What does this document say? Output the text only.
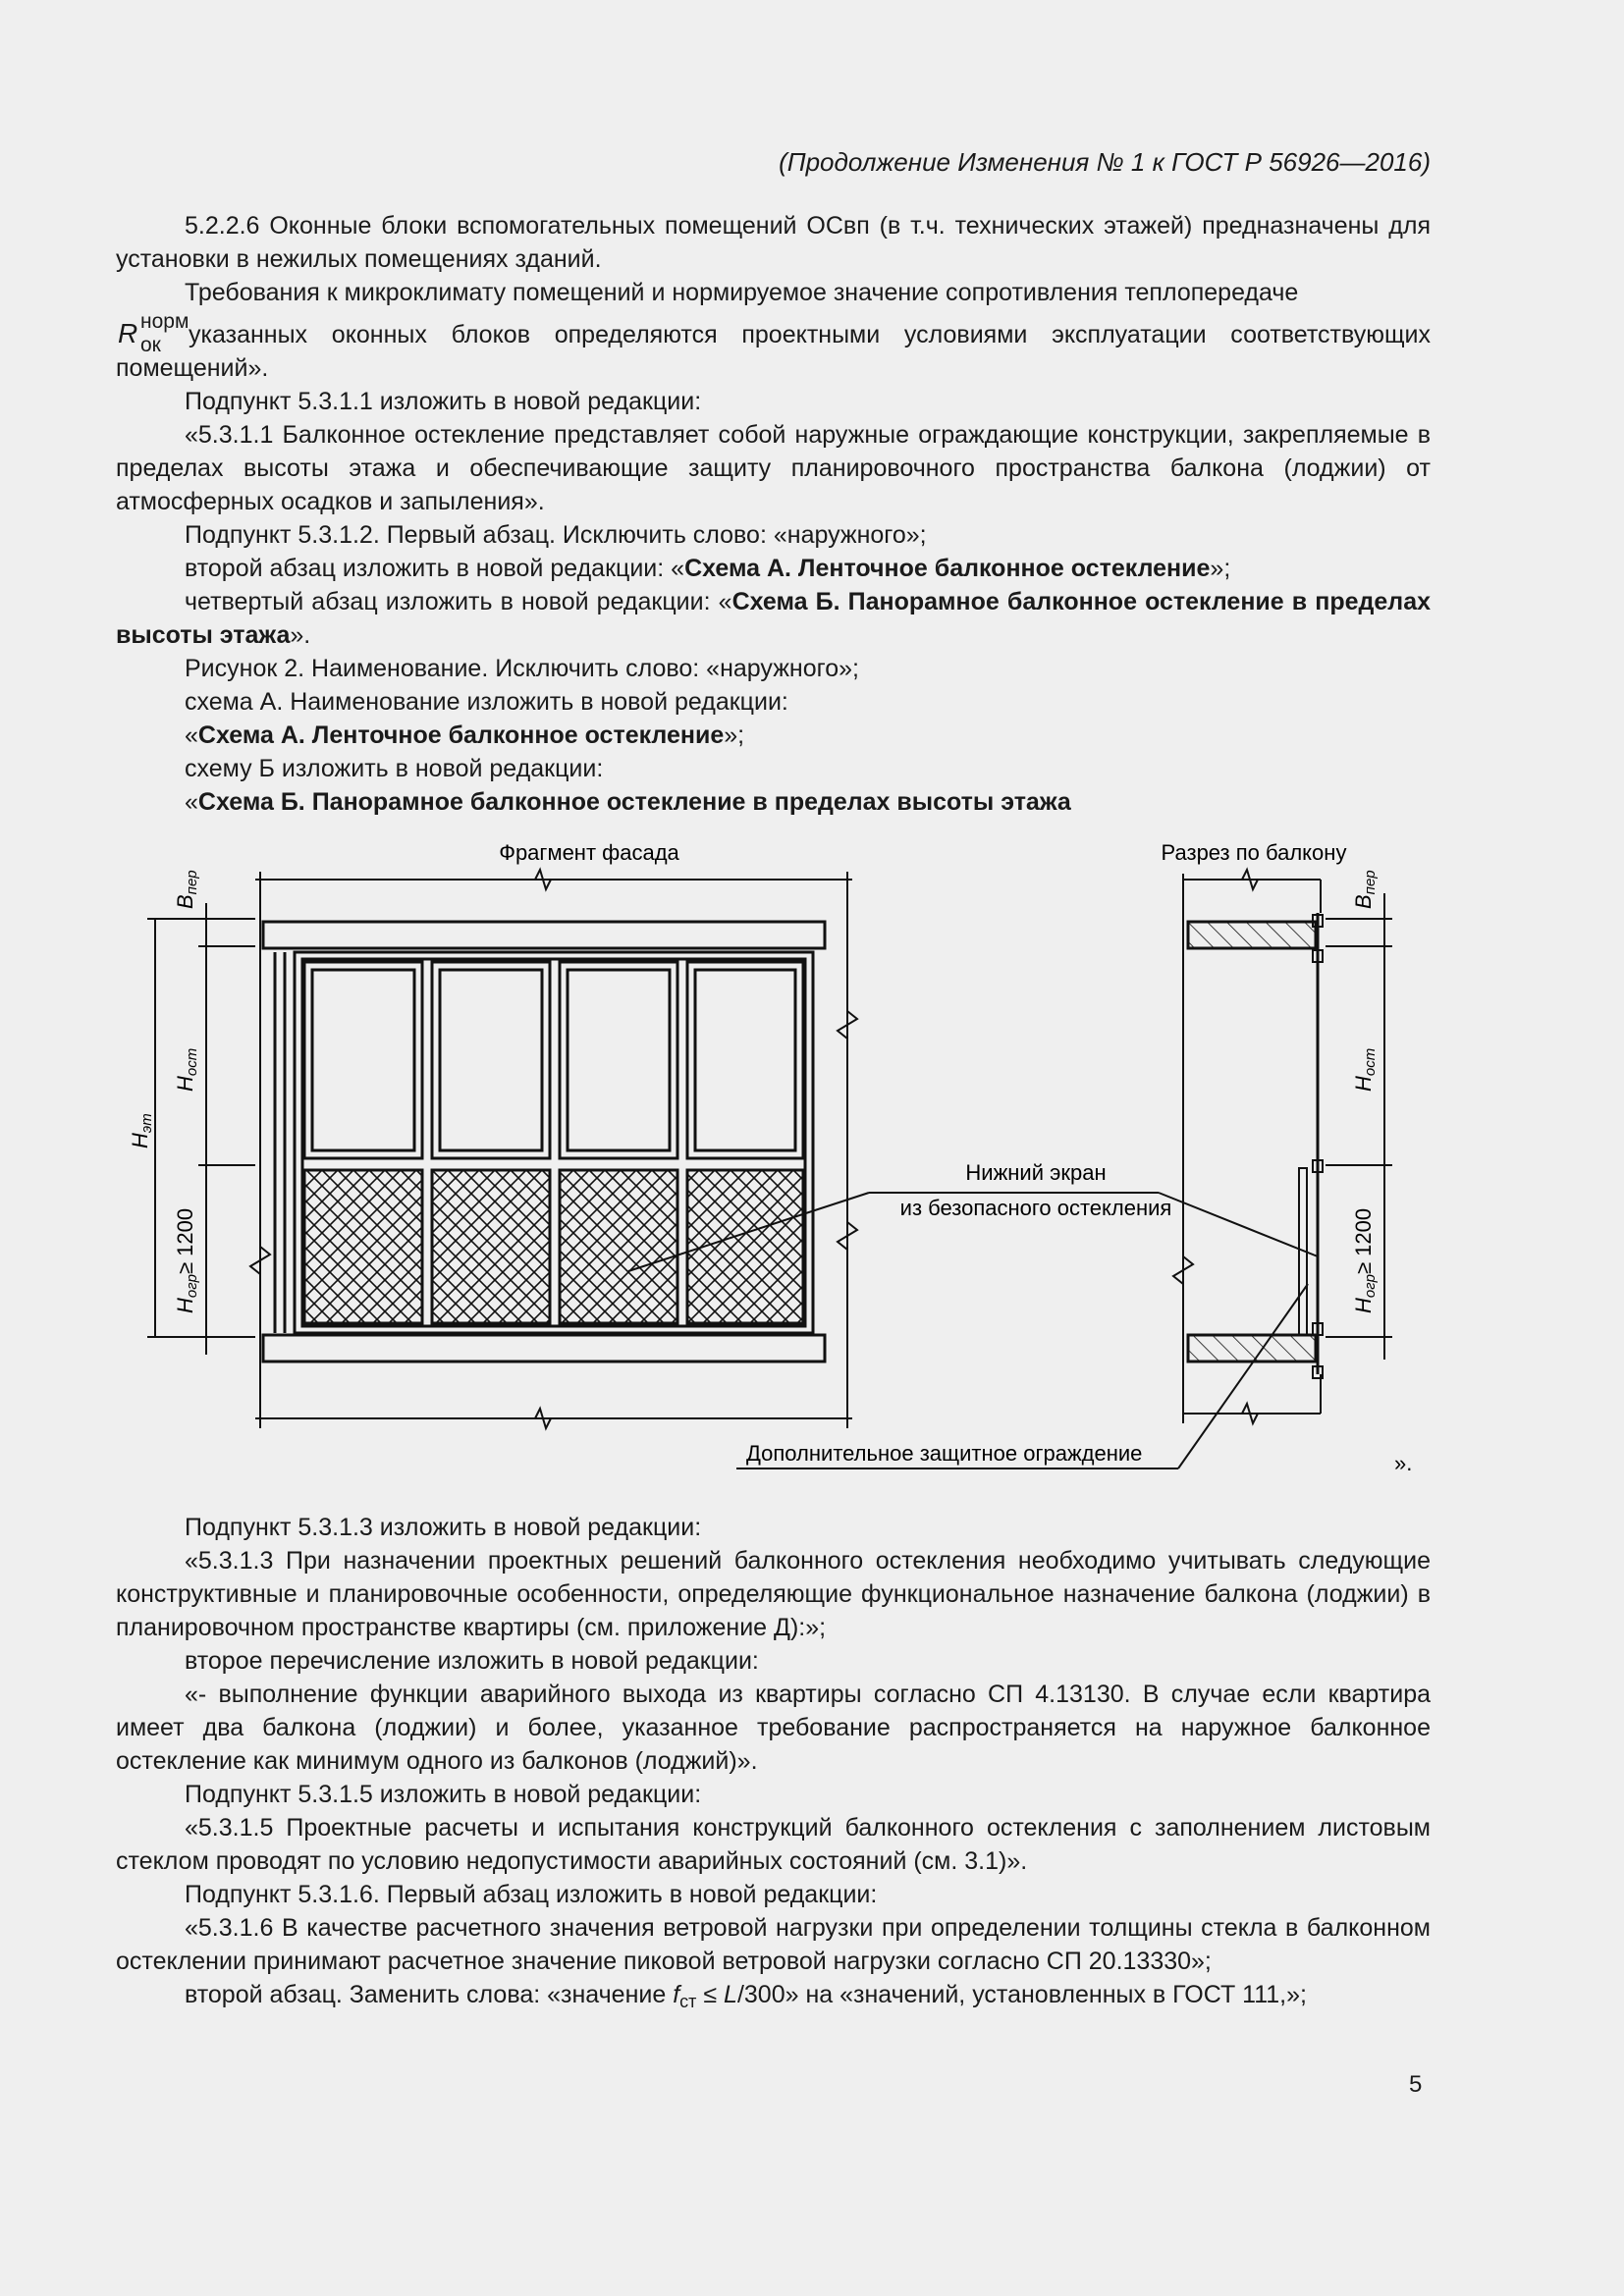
(Продолжение Изменения № 1 к ГОСТ Р 56926—2016)

5.2.2.6 Оконные блоки вспомогательных помещений ОСвп (в т.ч. технических этажей) предназначены для установки в нежилых помещениях зданий.

Требования к микроклимату помещений и нормируемое значение сопротивления теплопередаче

R норм
ок указанных оконных блоков определяются проектными условиями эксплуатации соответствующих помещений».

Подпункт 5.3.1.1 изложить в новой редакции:

«5.3.1.1 Балконное остекление представляет собой наружные ограждающие конструкции, закрепляемые в пределах высоты этажа и обеспечивающие защиту планировочного пространства балкона (лоджии) от атмосферных осадков и запыления».

Подпункт 5.3.1.2. Первый абзац. Исключить слово: «наружного»;

второй абзац изложить в новой редакции: «Схема А. Ленточное балконное остекление»;

четвертый абзац изложить в новой редакции: «Схема Б. Панорамное балконное остекление в пределах высоты этажа».

Рисунок 2. Наименование. Исключить слово: «наружного»;

схема А. Наименование изложить в новой редакции:

«Схема А. Ленточное балконное остекление»;

схему Б изложить в новой редакции:

«Схема Б. Панорамное балконное остекление в пределах высоты этажа

Фрагмент фасада	Разрез по балкону
Bпер
Hост
Hэт
Hогр≥ 1200
Нижний экран
из безопасного остекления
Bпер
Hост
Hогр≥ 1200
Дополнительное защитное ограждение	».

Подпункт 5.3.1.3 изложить в новой редакции:

«5.3.1.3 При назначении проектных решений балконного остекления необходимо учитывать следующие конструктивные и планировочные особенности, определяющие функциональное назначение балкона (лоджии) в планировочном пространстве квартиры (см. приложение Д):»;

второе перечисление изложить в новой редакции:

«- выполнение функции аварийного выхода из квартиры согласно СП 4.13130. В случае если квартира имеет два балкона (лоджии) и более, указанное требование распространяется на наружное балконное остекление как минимум одного из балконов (лоджий)».

Подпункт 5.3.1.5 изложить в новой редакции:

«5.3.1.5 Проектные расчеты и испытания конструкций балконного остекления с заполнением листовым стеклом проводят по условию недопустимости аварийных состояний (см. 3.1)».

Подпункт 5.3.1.6. Первый абзац изложить в новой редакции:

«5.3.1.6 В качестве расчетного значения ветровой нагрузки при определении толщины стекла в балконном остеклении принимают расчетное значение пиковой ветровой нагрузки согласно СП 20.13330»;

второй абзац. Заменить слова: «значение $f_{ст} \le L/300$» на «значений, установленных в ГОСТ 111,»;

5
